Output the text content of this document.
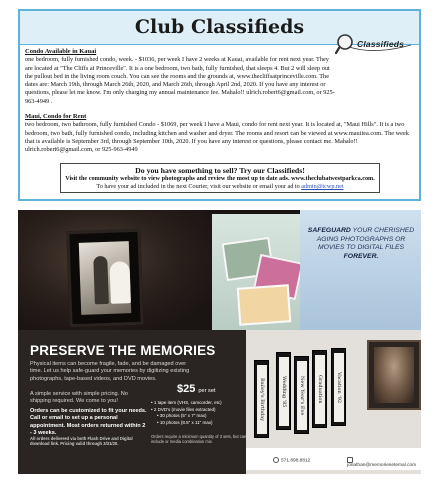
Club Classifieds
Classifieds
Condo Available in Kauai
one bedroom, fully furnished condo, week. - $1036, per week I have 2 weeks at Kauai, available for rent next year. They are located at "The Cliffs at Princeville". It is a one bedroom, two bath, fully furnished, that sleeps 4. But 2 will sleep out the pullout bed in the living room couch. You can see the rooms and the grounds at, www.thecliffsatprinceville.com. The dates are: March 19th, through March 26th, 2020, and March 26th, through April 2nd, 2020. If you have any interest or questions, please let me know. I'm only charging my annual maintenance fee. Mahalo!! ulrich.robert6@gmail.com, or 925-963-4949 .
Maui, Condo for Rent
two bedroom, two bathroom, fully furnished Condo - $1069, per week I have a Maui, condo for rent next year. It is located at, "Maui Hills". It is a two bedroom, two bath, fully furnished condo, including kitchen and washer and dryer. The rooms and resort can be viewed at www.mauiiea.com. The week that is available is September 3rd, through September 10th, 2020. If you have any interest or questions, please contact me. Mahalo!! ulrich.robert6@gmail.com, or 925-963-4949
Do you have something to sell? Try our Classifieds!
Visit the community website to view photographs and review the most up to date ads. www.theclubatwestparkca.com.
To have your ad included in the next Courier, visit our website or email your ad to admin@tcwp.net
SAFEGUARD YOUR CHERISHED AGING PHOTOGRAPHS OR MOVIES TO DIGITAL FILES FOREVER.
PRESERVE THE MEMORIES
Physical items can become fragile, fade, and be damaged over time. Let us help safe-guard your memories by digitizing existing photographs, tape-based videos, and DVD movies.
A simple service with simple pricing. No shipping required. We come to you!
$25 per set
Orders can be customized to fit your needs. Call or email to set up a personal appointment. Most orders returned within 2 - 3 weeks.
All orders delivered via both Flash Drive and Digital download link. Pricing valid through 3/31/20.
• 1 tape item (VHS, camcorder, etc)
• 2 DVD's (movie files extracted)
• 30 photos (5" x 7" max)
• 10 photos (8.5" x 11" max)
Orders require a minimum quantity of 3 sets, but can include or media combination mix.
Bailey's Birthday	Wedding '85	New Year's Eve	Graduation	Vacation '92
571.898.8812
jonathan@memoriesetemal.com
